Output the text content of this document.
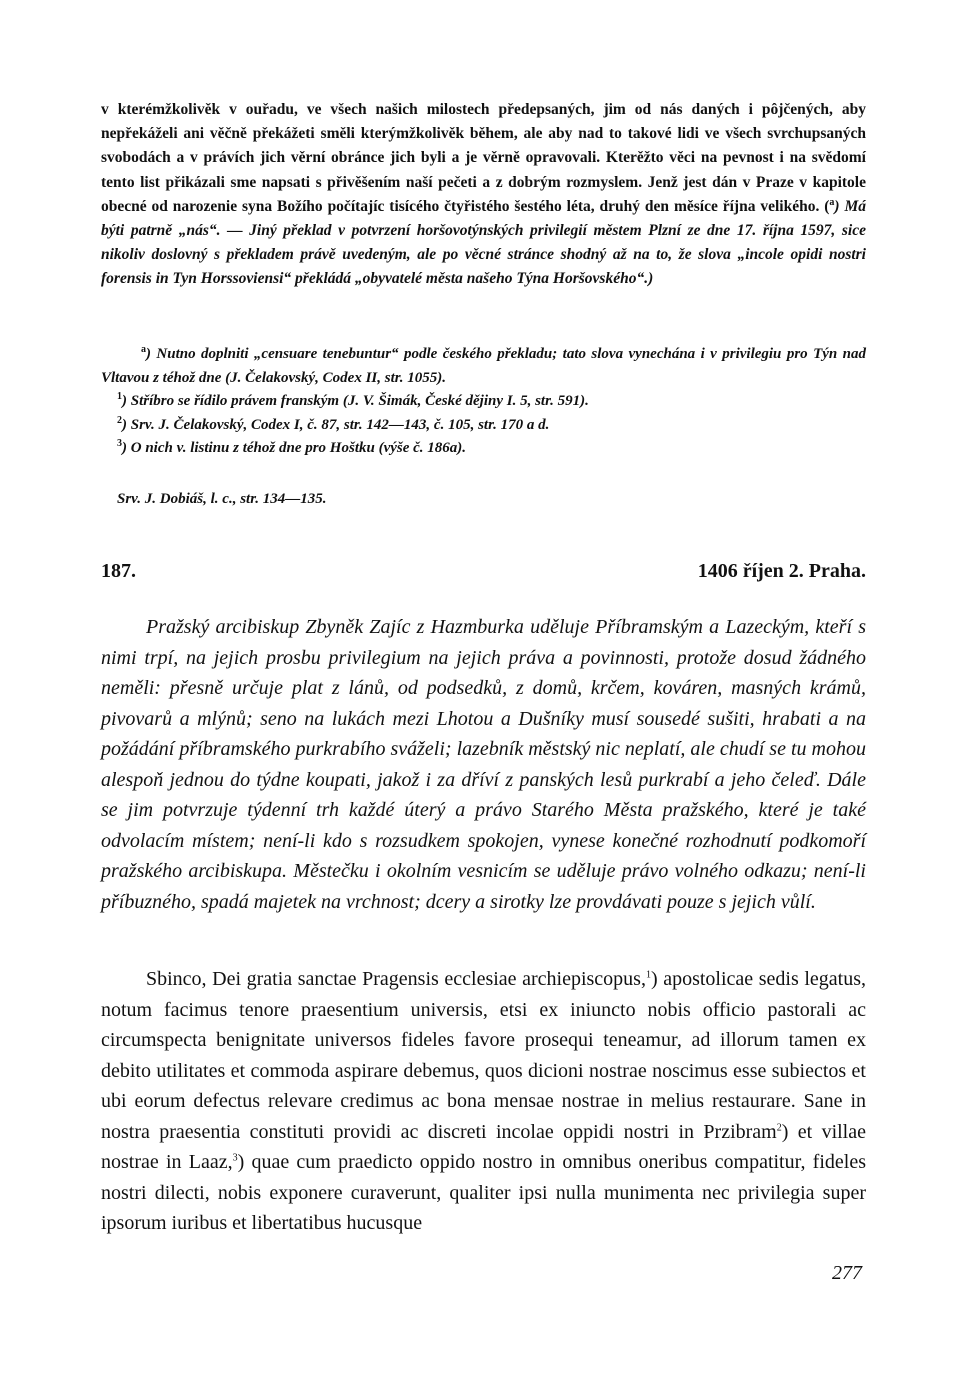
v kterémžkolivěk v ouřadu, ve všech našich milostech předepsaných, jim od nás daných i pôjčených, aby nepřekáželi ani věčně překážeti směli kterýmžkolivěk během, ale aby nad to takové lidi ve všech svrchupsaných svobodách a v právích jich věrní obránce jich byli a je věrně opravovali. Kterěžto věci na pevnost i na svědomí tento list přikázali sme napsati s přivěšením naší pečeti a z dobrým rozmyslem. Jenž jest dán v Praze v kapitole obecné od narozenie syna Božího počítajíc tisícého čtyřistého šestého léta, druhý den měsíce října velikého. ($^a$) Má býti patrně „nás“. — Jiný překlad v potvrzení horšovotýnských privilegií městem Plzní ze dne 17. října 1597, sice nikoliv doslovný s překladem právě uvedeným, ale po věcné stránce shodný až na to, že slova „incole opidi nostri forensis in Tyn Horssoviensi“ překládá „obyvatelé města našeho Týna Horšovského“.)

$^a$) Nutno doplniti „censuare tenebuntur“ podle českého překladu; tato slova vynechána i v privilegiu pro Týn nad Vltavou z téhož dne (J. Čelakovský, Codex II, str. 1055).

$^1$) Stříbro se řídilo právem franským (J. V. Šimák, České dějiny I. 5, str. 591).

$^2$) Srv. J. Čelakovský, Codex I, č. 87, str. 142—143, č. 105, str. 170 a d.

$^3$) O nich v. listinu z téhož dne pro Hoštku (výše č. 186a).

Srv. J. Dobiáš, l. c., str. 134—135.

187.	1406 říjen 2. Praha.

Pražský arcibiskup Zbyněk Zajíc z Hazmburka uděluje Příbramským a Lazeckým, kteří s nimi trpí, na jejich prosbu privilegium na jejich práva a povinnosti, protože dosud žádného neměli: přesně určuje plat z lánů, od podsedků, z domů, krčem, kováren, masných krámů, pivovarů a mlýnů; seno na lukách mezi Lhotou a Dušníky musí sousedé sušiti, hrabati a na požádání příbramského purkrabího sváželi; lazebník městský nic neplatí, ale chudí se tu mohou alespoň jednou do týdne koupati, jakož i za dříví z panských lesů purkrabí a jeho čeleď. Dále se jim potvrzuje týdenní trh každé úterý a právo Starého Města pražského, které je také odvolacím místem; není-li kdo s rozsudkem spokojen, vynese konečné rozhodnutí podkomoří pražského arcibiskupa. Městečku i okolním vesnicím se uděluje právo volného odkazu; není-li příbuzného, spadá majetek na vrchnost; dcery a sirotky lze provdávati pouze s jejich vůlí.

Sbinco, Dei gratia sanctae Pragensis ecclesiae archiepiscopus,$^1$) apostolicae sedis legatus, notum facimus tenore praesentium universis, etsi ex iniuncto nobis officio pastorali ac circumspecta benignitate universos fideles favore prosequi teneamur, ad illorum tamen ex debito utilitates et commoda aspirare debemus, quos dicioni nostrae noscimus esse subiectos et ubi eorum defectus relevare credimus ac bona mensae nostrae in melius restaurare. Sane in nostra praesentia constituti providi ac discreti incolae oppidi nostri in Przibram$^2$) et villae nostrae in Laaz,$^3$) quae cum praedicto oppido nostro in omnibus oneribus compatitur, fideles nostri dilecti, nobis exponere curaverunt, qualiter ipsi nulla munimenta nec privilegia super ipsorum iuribus et libertatibus hucusque

277
